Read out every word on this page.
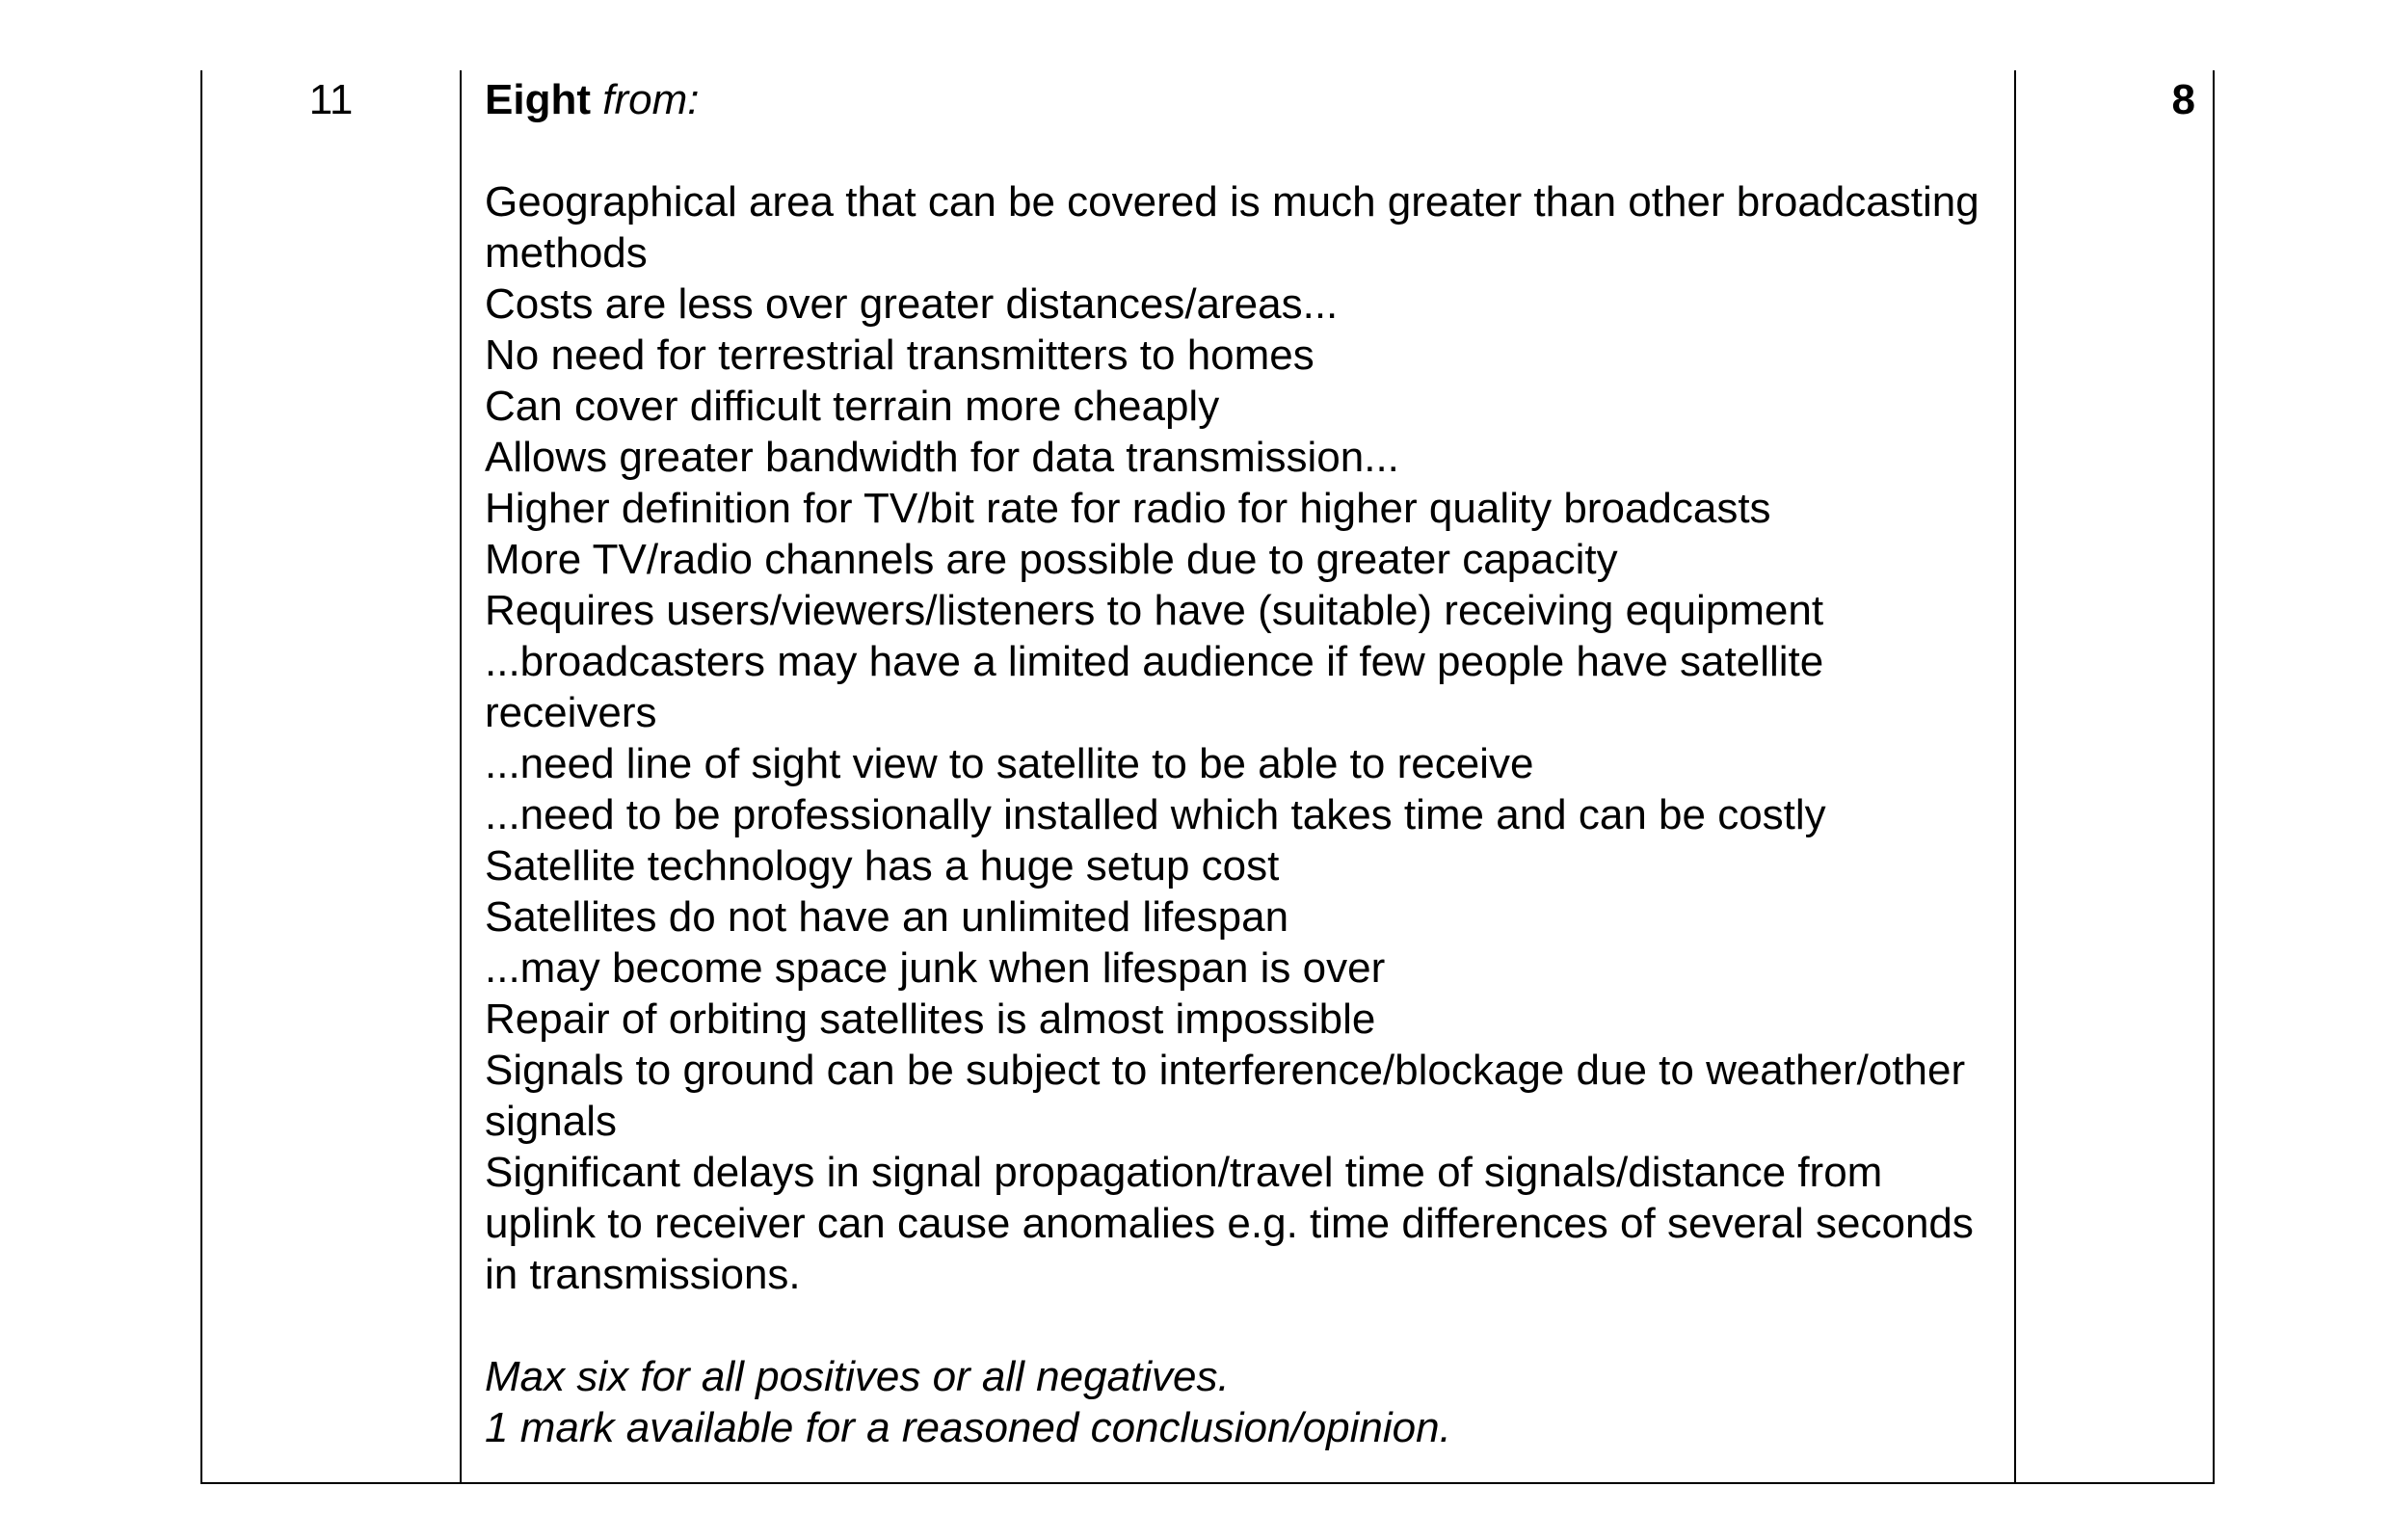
11	Eight from:

Geographical area that can be covered is much greater than other broadcasting methods
Costs are less over greater distances/areas...
No need for terrestrial transmitters to homes
Can cover difficult terrain more cheaply
Allows greater bandwidth for data transmission...
Higher definition for TV/bit rate for radio for higher quality broadcasts
More TV/radio channels are possible due to greater capacity
Requires users/viewers/listeners to have (suitable) receiving equipment
...broadcasters may have a limited audience if few people have satellite receivers
...need line of sight view to satellite to be able to receive
...need to be professionally installed which takes time and can be costly
Satellite technology has a huge setup cost
Satellites do not have an unlimited lifespan
...may become space junk when lifespan is over
Repair of orbiting satellites is almost impossible
Signals to ground can be subject to interference/blockage due to weather/other signals
Significant delays in signal propagation/travel time of signals/distance from uplink to receiver can cause anomalies e.g. time differences of several seconds in transmissions.

Max six for all positives or all negatives.

1 mark available for a reasoned conclusion/opinion.

8
